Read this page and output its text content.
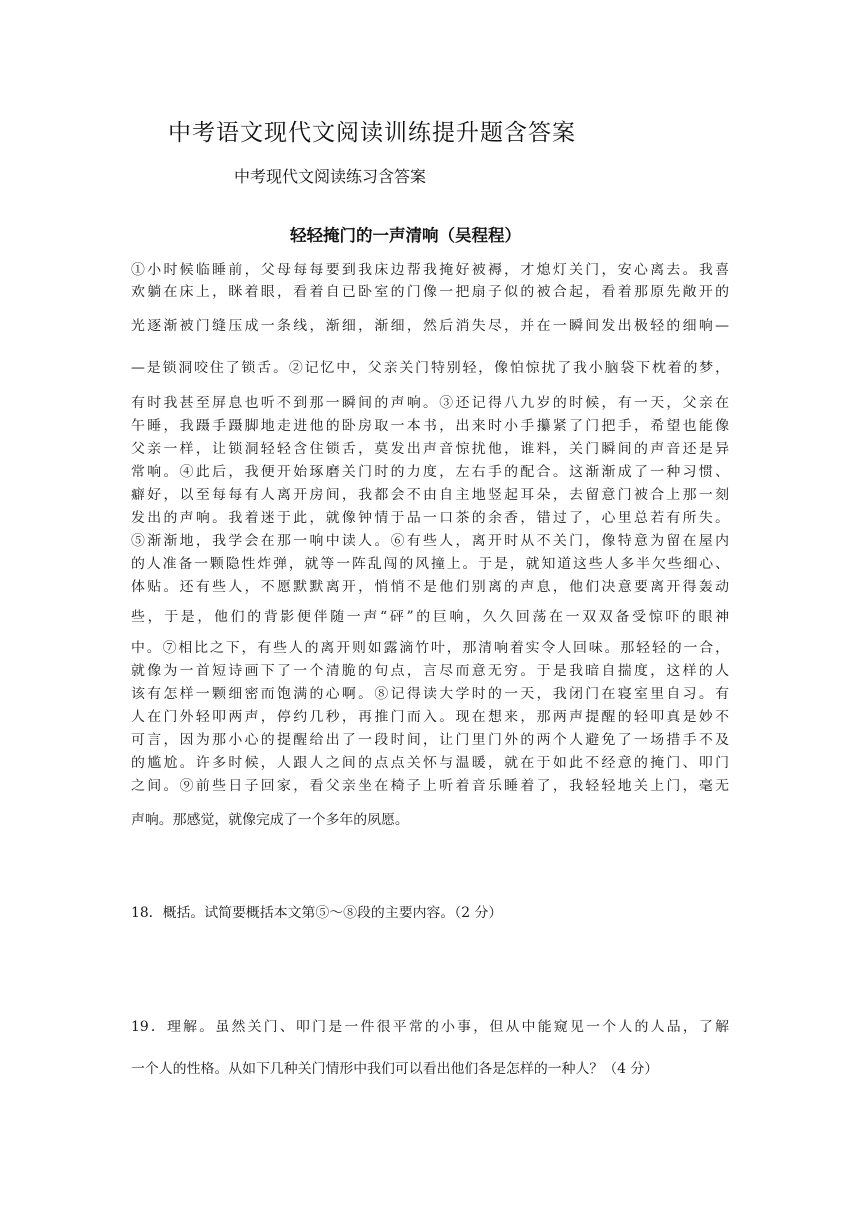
中考语文现代文阅读训练提升题含答案
中考现代文阅读练习含答案
轻轻掩门的一声清响（吴程程）
①小时候临睡前，父母每每要到我床边帮我掩好被褥，才熄灯关门，安心离去。我喜
欢躺在床上，眯着眼，看着自已卧室的门像一把扇子似的被合起，看着那原先敞开的
光逐渐被门缝压成一条线，渐细，渐细，然后消失尽，并在一瞬间发出极轻的细响—
—是锁洞咬住了锁舌。②记忆中，父亲关门特别轻，像怕惊扰了我小脑袋下枕着的梦，
有时我甚至屏息也听不到那一瞬间的声响。③还记得八九岁的时候，有一天，父亲在
午睡，我蹑手蹑脚地走进他的卧房取一本书，出来时小手攥紧了门把手，希望也能像
父亲一样，让锁洞轻轻含住锁舌，莫发出声音惊扰他，谁料，关门瞬间的声音还是异
常响。④此后，我便开始琢磨关门时的力度，左右手的配合。这渐渐成了一种习惯、
癖好，以至每每有人离开房间，我都会不由自主地竖起耳朵，去留意门被合上那一刻
发出的声响。我着迷于此，就像钟情于品一口茶的余香，错过了，心里总若有所失。
⑤渐渐地，我学会在那一响中读人。⑥有些人，离开时从不关门，像特意为留在屋内
的人准备一颗隐性炸弹，就等一阵乱闯的风撞上。于是，就知道这些人多半欠些细心、
体贴。还有些人，不愿默默离开，悄悄不是他们别离的声息，他们决意要离开得轰动
些，于是，他们的背影便伴随一声“砰”的巨响，久久回荡在一双双备受惊吓的眼神
中。⑦相比之下，有些人的离开则如露滴竹叶，那清响着实令人回味。那轻轻的一合，
就像为一首短诗画下了一个清脆的句点，言尽而意无穷。于是我暗自揣度，这样的人
该有怎样一颗细密而饱满的心啊。⑧记得读大学时的一天，我闭门在寝室里自习。有
人在门外轻叩两声，停约几秒，再推门而入。现在想来，那两声提醒的轻叩真是妙不
可言，因为那小心的提醒给出了一段时间，让门里门外的两个人避免了一场措手不及
的尴尬。许多时候，人跟人之间的点点关怀与温暖，就在于如此不经意的掩门、叩门
之间。⑨前些日子回家，看父亲坐在椅子上听着音乐睡着了，我轻轻地关上门，毫无
声响。那感觉，就像完成了一个多年的夙愿。
18．概括。试简要概括本文第⑤～⑧段的主要内容。（2 分）
19．理解。虽然关门、叩门是一件很平常的小事，但从中能窥见一个人的人品，了解
一个人的性格。从如下几种关门情形中我们可以看出他们各是怎样的一种人？（4 分）
